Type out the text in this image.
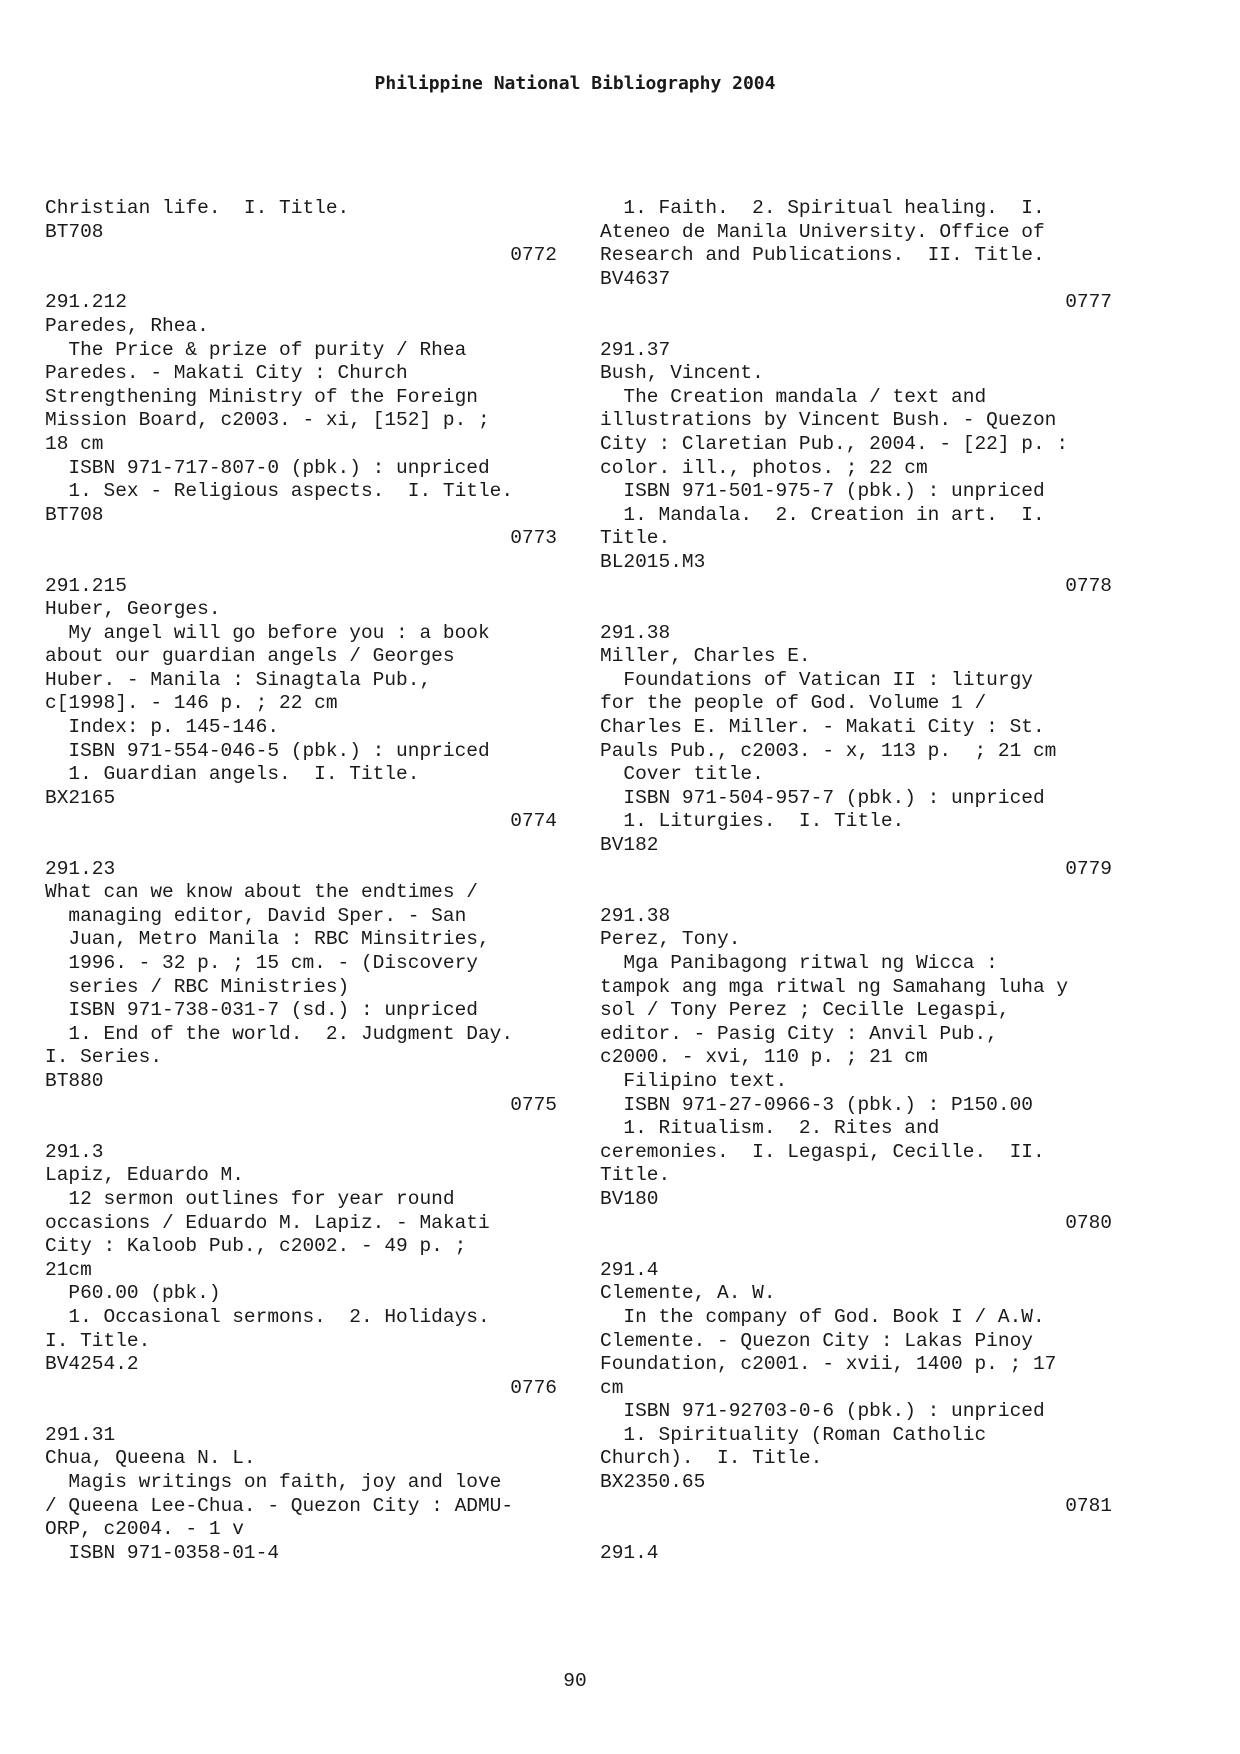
Philippine National Bibliography 2004
Christian life.  I. Title.
BT708
0772
291.212
Paredes, Rhea.
The Price & prize of purity / Rhea
Paredes. - Makati City : Church
Strengthening Ministry of the Foreign
Mission Board, c2003. - xi, [152] p. ;
18 cm
ISBN 971-717-807-0 (pbk.) : unpriced
1. Sex - Religious aspects.  I. Title.
BT708
0773
291.215
Huber, Georges.
My angel will go before you : a book
about our guardian angels / Georges
Huber. - Manila : Sinagtala Pub.,
c[1998]. - 146 p. ; 22 cm
Index: p. 145-146.
ISBN 971-554-046-5 (pbk.) : unpriced
1. Guardian angels.  I. Title.
BX2165
0774
291.23
What can we know about the endtimes /
managing editor, David Sper. - San
Juan, Metro Manila : RBC Minsitries,
1996. - 32 p. ; 15 cm. - (Discovery
series / RBC Ministries)
ISBN 971-738-031-7 (sd.) : unpriced
1. End of the world.  2. Judgment Day.
I. Series.
BT880
0775
291.3
Lapiz, Eduardo M.
12 sermon outlines for year round
occasions / Eduardo M. Lapiz. - Makati
City : Kaloob Pub., c2002. - 49 p. ;
21cm
P60.00 (pbk.)
1. Occasional sermons.  2. Holidays.
I. Title.
BV4254.2
0776
291.31
Chua, Queena N. L.
Magis writings on faith, joy and love
/ Queena Lee-Chua. - Quezon City : ADMU-
ORP, c2004. - 1 v
ISBN 971-0358-01-4
1. Faith.  2. Spiritual healing.  I.
Ateneo de Manila University. Office of
Research and Publications.  II. Title.
BV4637
0777
291.37
Bush, Vincent.
The Creation mandala / text and
illustrations by Vincent Bush. - Quezon
City : Claretian Pub., 2004. - [22] p. :
color. ill., photos. ; 22 cm
ISBN 971-501-975-7 (pbk.) : unpriced
1. Mandala.  2. Creation in art.  I.
Title.
BL2015.M3
0778
291.38
Miller, Charles E.
Foundations of Vatican II : liturgy
for the people of God. Volume 1 /
Charles E. Miller. - Makati City : St.
Pauls Pub., c2003. - x, 113 p.  ; 21 cm
Cover title.
ISBN 971-504-957-7 (pbk.) : unpriced
1. Liturgies.  I. Title.
BV182
0779
291.38
Perez, Tony.
Mga Panibagong ritwal ng Wicca :
tampok ang mga ritwal ng Samahang luha y
sol / Tony Perez ; Cecille Legaspi,
editor. - Pasig City : Anvil Pub.,
c2000. - xvi, 110 p. ; 21 cm
Filipino text.
ISBN 971-27-0966-3 (pbk.) : P150.00
1. Ritualism.  2. Rites and
ceremonies.  I. Legaspi, Cecille.  II.
Title.
BV180
0780
291.4
Clemente, A. W.
In the company of God. Book I / A.W.
Clemente. - Quezon City : Lakas Pinoy
Foundation, c2001. - xvii, 1400 p. ; 17
cm
ISBN 971-92703-0-6 (pbk.) : unpriced
1. Spirituality (Roman Catholic
Church).  I. Title.
BX2350.65
0781
291.4
90
